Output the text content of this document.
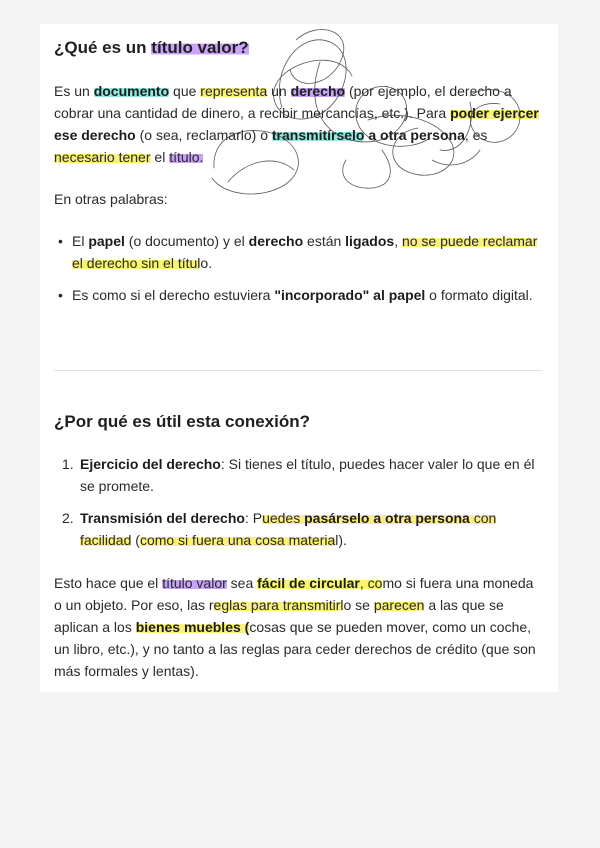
¿Qué es un título valor?

Es un documento que representa un derecho (por ejemplo, el derecho a cobrar una cantidad de dinero, a recibir mercancías, etc.). Para poder ejercer ese derecho (o sea, reclamarlo) o transmitírselo a otra persona, es necesario tener el título.

En otras palabras:

• El papel (o documento) y el derecho están ligados, no se puede reclamar el derecho sin el título.
• Es como si el derecho estuviera "incorporado" al papel o formato digital.
¿Por qué es útil esta conexión?
1. Ejercicio del derecho: Si tienes el título, puedes hacer valer lo que en él se promete.
2. Transmisión del derecho: Puedes pasárselo a otra persona con facilidad (como si fuera una cosa material).

Esto hace que el título valor sea fácil de circular, como si fuera una moneda o un objeto. Por eso, las reglas para transmitirlo se parecen a las que se aplican a los bienes muebles (cosas que se pueden mover, como un coche, un libro, etc.), y no tanto a las reglas para ceder derechos de crédito (que son más formales y lentas).
